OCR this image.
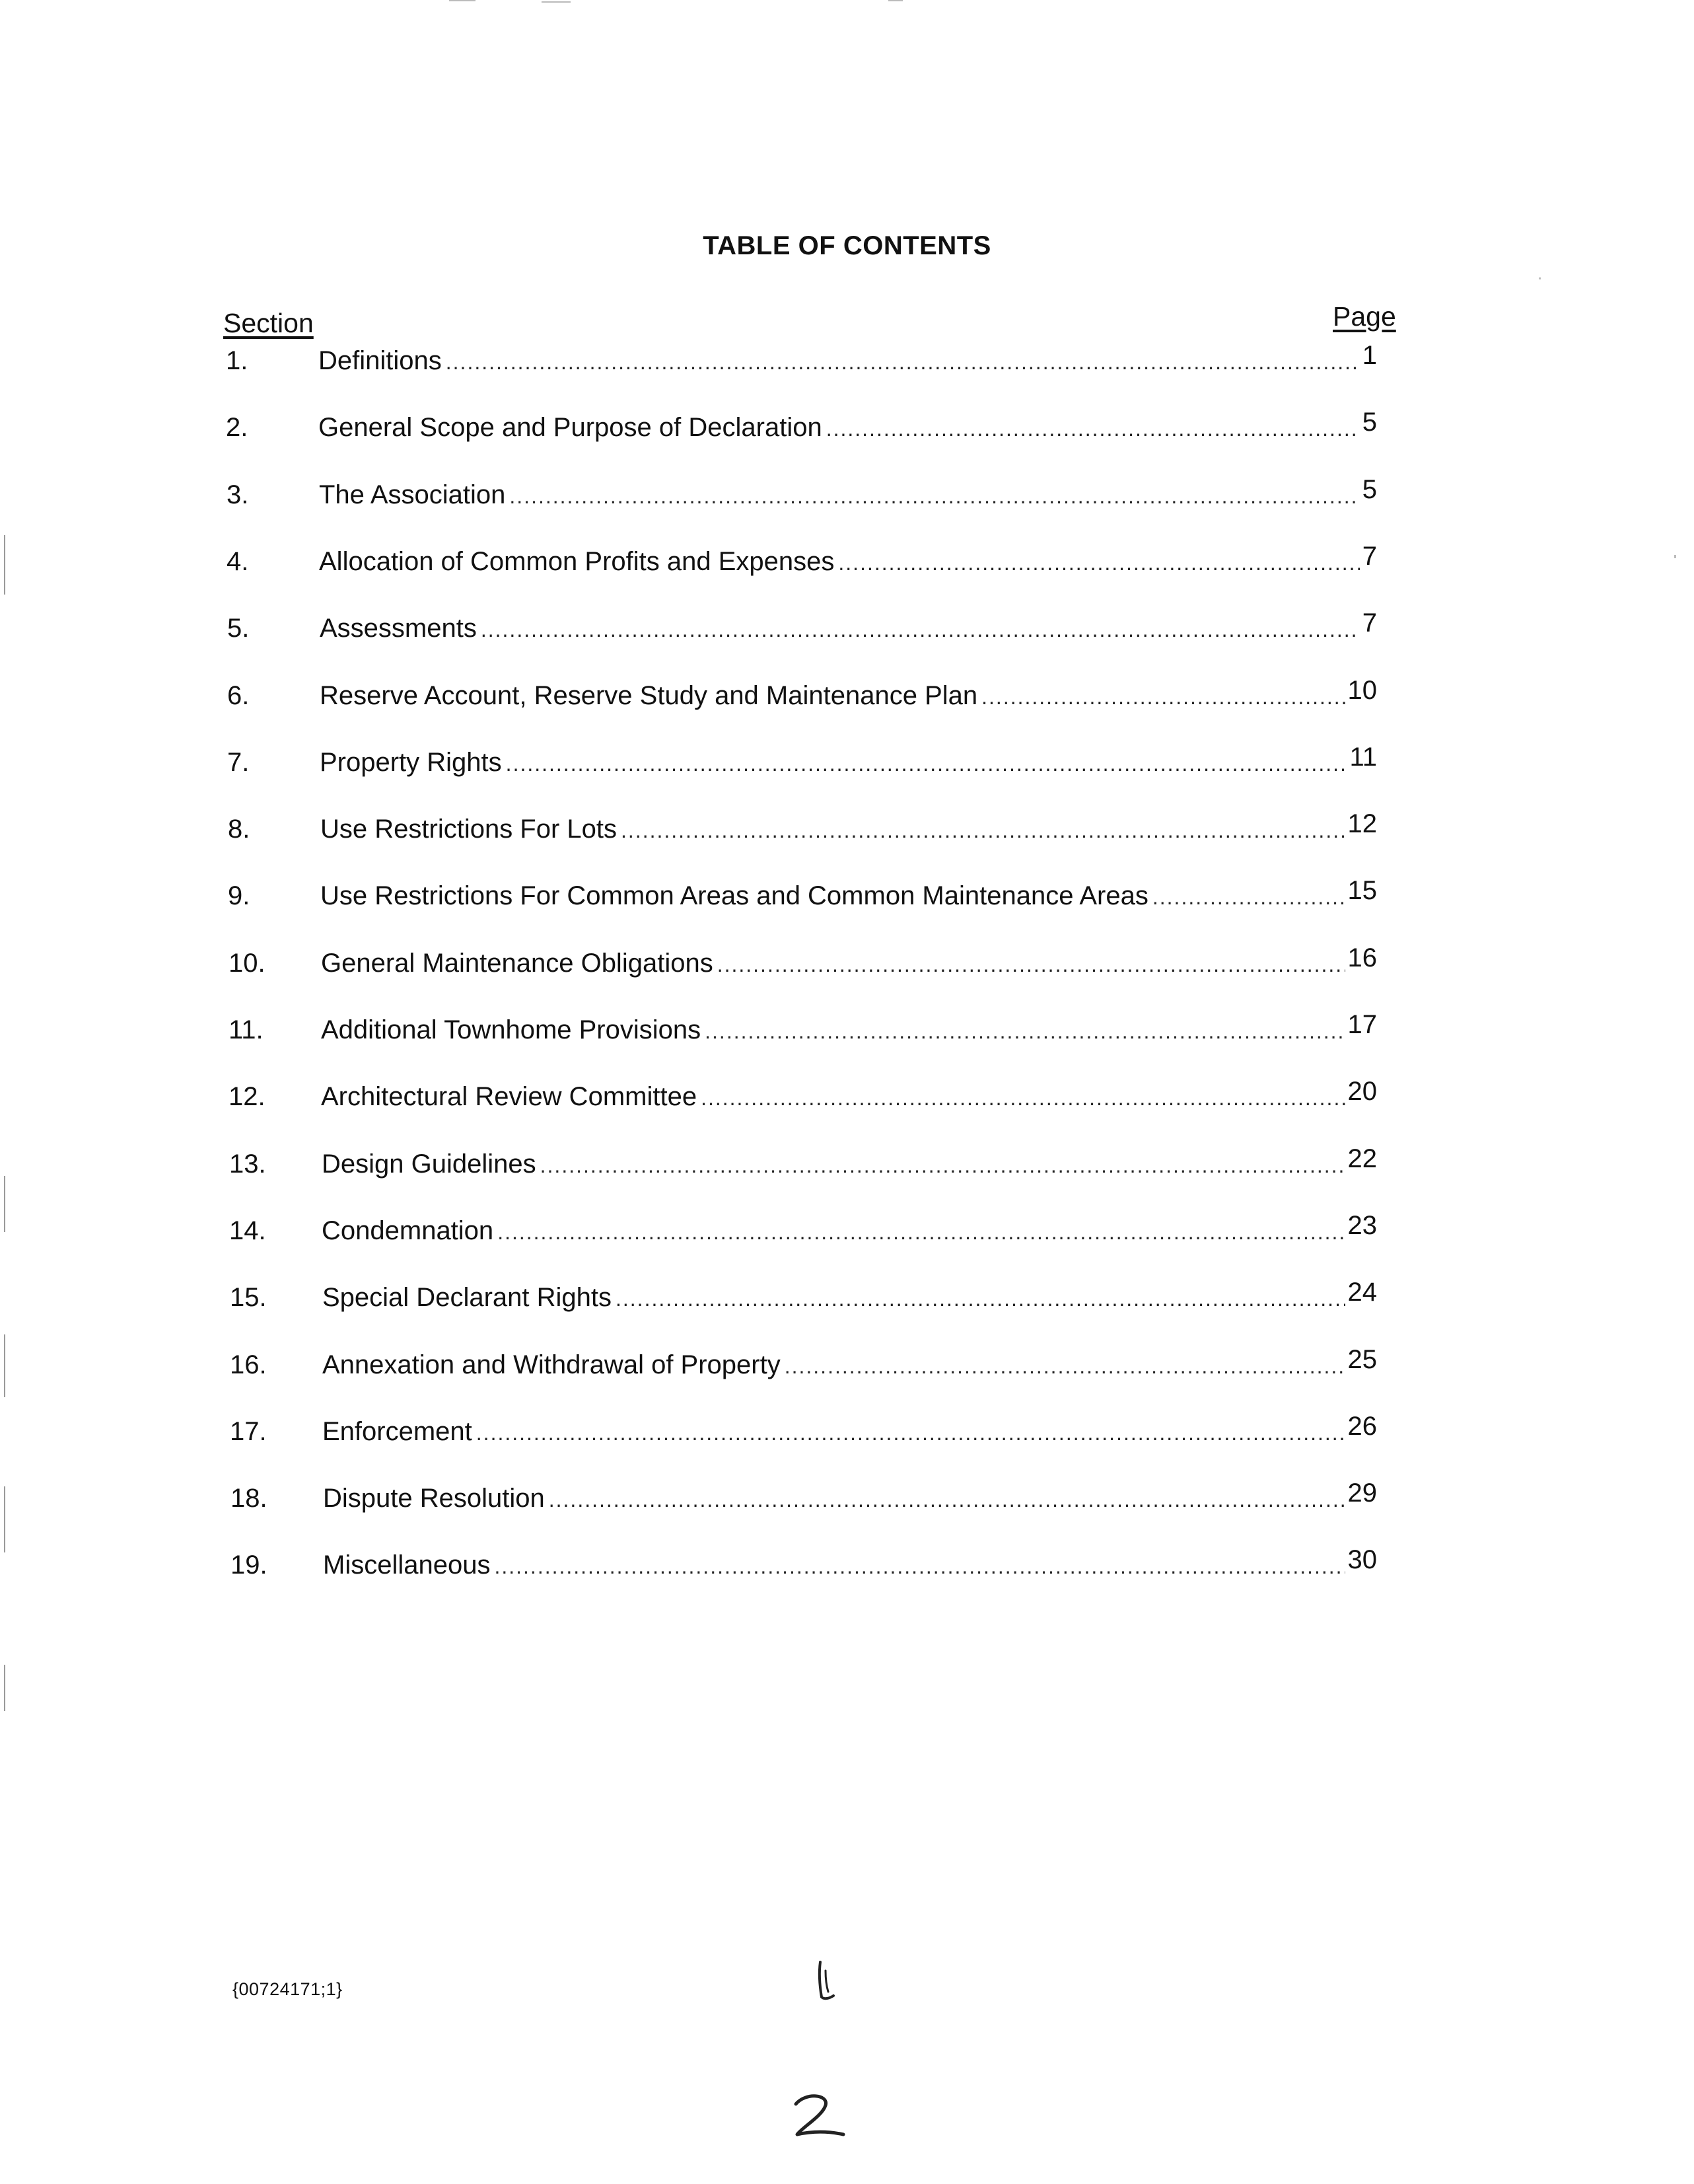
TABLE OF CONTENTS
Section	Page
1.	Definitions .....	1
2.	General Scope and Purpose of Declaration .....	5
3.	The Association .....	5
4.	Allocation of Common Profits and Expenses .....	7
5.	Assessments .....	7
6.	Reserve Account, Reserve Study and Maintenance Plan .....	10
7.	Property Rights .....	11
8.	Use Restrictions For Lots .....	12
9.	Use Restrictions For Common Areas and Common Maintenance Areas .....	15
10.	General Maintenance Obligations .....	16
11.	Additional Townhome Provisions .....	17
12.	Architectural Review Committee .....	20
13.	Design Guidelines .....	22
14.	Condemnation .....	23
15.	Special Declarant Rights .....	24
16.	Annexation and Withdrawal of Property .....	25
17.	Enforcement .....	26
18.	Dispute Resolution .....	29
19.	Miscellaneous .....	30
{00724171;1}
